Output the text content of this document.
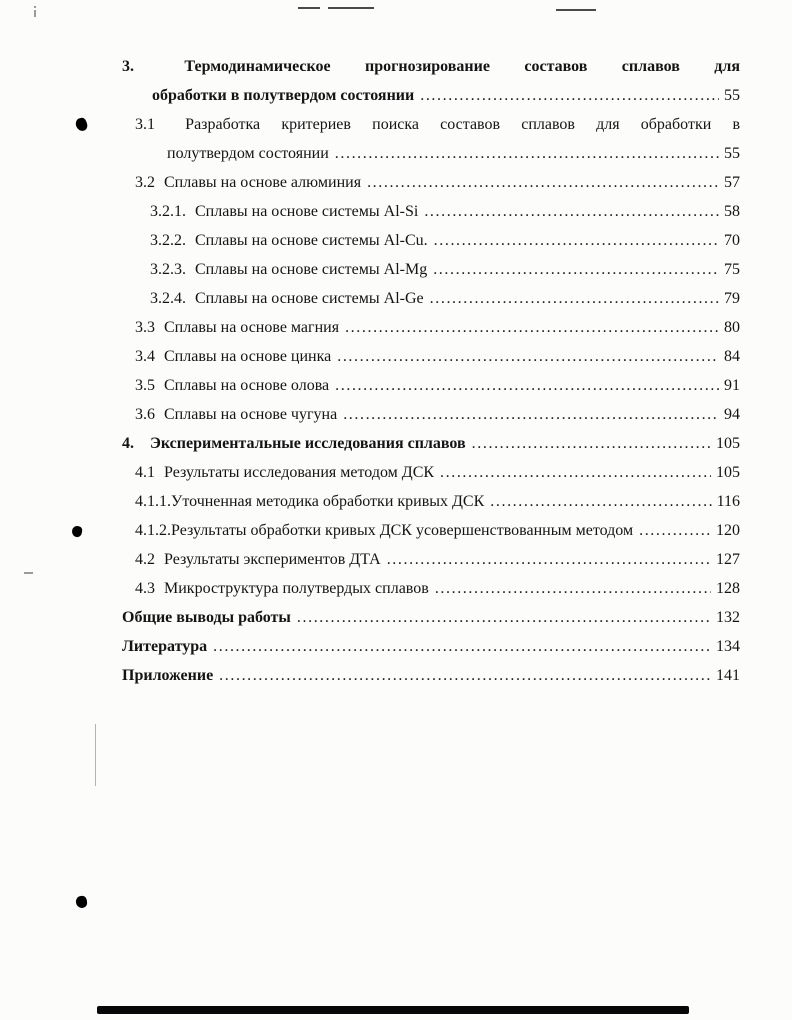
3.	Термодинамическое прогнозирование составов сплавов для
обработки в полутвердом состоянии .....	55
3.1 Разработка критериев поиска составов сплавов для обработки в
полутвердом состоянии .....	55
3.2 Сплавы на основе алюминия .....	57
3.2.1. Сплавы на основе системы Al-Si .....	58
3.2.2. Сплавы на основе системы Al-Cu. .....	70
3.2.3. Сплавы на основе системы Al-Mg .....	75
3.2.4. Сплавы на основе системы Al-Ge .....	79
3.3 Сплавы на основе магния .....	80
3.4 Сплавы на основе цинка .....	84
3.5 Сплавы на основе олова .....	91
3.6 Сплавы на основе чугуна .....	94
4. Экспериментальные исследования сплавов .....	105
4.1 Результаты исследования методом ДСК .....	105
4.1.1. Уточненная методика обработки кривых ДСК .....	116
4.1.2. Результаты обработки кривых ДСК усовершенствованным методом .....	120
4.2 Результаты экспериментов ДТА .....	127
4.3 Микроструктура полутвердых сплавов .....	128
Общие выводы работы .....	132
Литература .....	134
Приложение .....	141
